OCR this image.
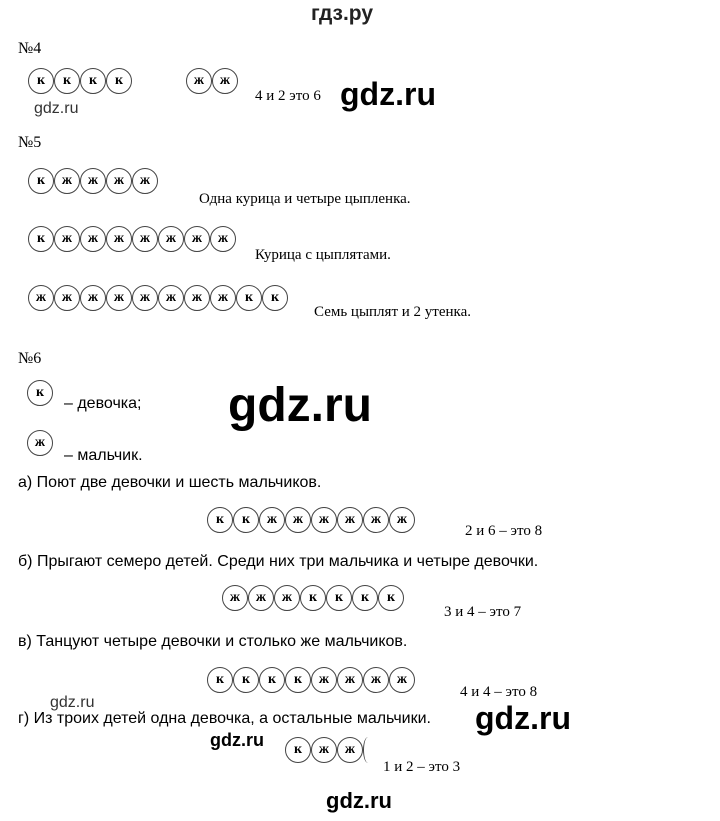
гдз.ру
№4
к	к	к	к	ж	ж
4 и 2 это 6 gdz.ru
gdz.ru
№5
к	ж	ж	ж	ж
Одна курица и четыре цыпленка.
к	ж	ж	ж	ж	ж	ж	ж
Курица с цыплятами.
ж	ж	ж	ж	ж	ж	ж	ж	к	к
Семь цыплят и 2 утенка.
№6
к
– девочка;
ж
– мальчик.
gdz.ru
а) Поют две девочки и шесть мальчиков.
к	к	ж	ж	ж	ж	ж	ж
2 и 6 – это 8
б) Прыгают семеро детей. Среди них три мальчика и четыре девочки.
ж	ж	ж	к	к	к	к
3 и 4 – это 7
в) Танцуют четыре девочки и столько же мальчиков.
к	к	к	к	ж	ж	ж	ж
4 и 4 – это 8
gdz.ru
г) Из троих детей одна девочка, а остальные мальчики. gdz.ru
gdz.ru	к	ж	ж
1 и 2 – это 3
gdz.ru
